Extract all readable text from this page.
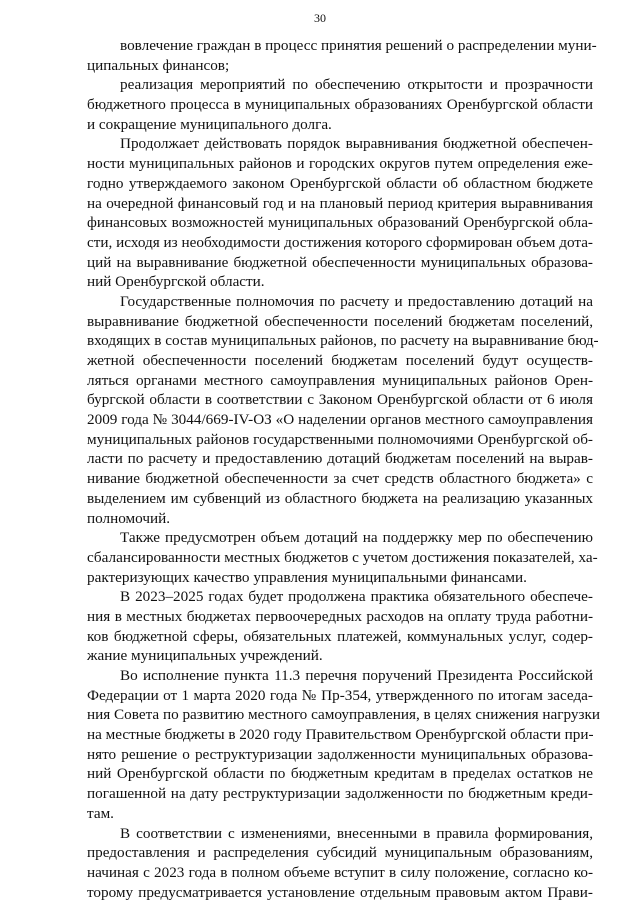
30
вовлечение граждан в процесс принятия решений о распределении муни-
ципальных финансов;
реализация мероприятий по обеспечению открытости и прозрачности
бюджетного процесса в муниципальных образованиях Оренбургской области
и сокращение муниципального долга.
Продолжает действовать порядок выравнивания бюджетной обеспечен-
ности муниципальных районов и городских округов путем определения еже-
годно утверждаемого законом Оренбургской области об областном бюджете
на очередной финансовый год и на плановый период критерия выравнивания
финансовых возможностей муниципальных образований Оренбургской обла-
сти, исходя из необходимости достижения которого сформирован объем дота-
ций на выравнивание бюджетной обеспеченности муниципальных образова-
ний Оренбургской области.
Государственные полномочия по расчету и предоставлению дотаций на
выравнивание бюджетной обеспеченности поселений бюджетам поселений,
входящих в состав муниципальных районов, по расчету на выравнивание бюд-
жетной обеспеченности поселений бюджетам поселений будут осуществ-
ляться органами местного самоуправления муниципальных районов Орен-
бургской области в соответствии с Законом Оренбургской области от 6 июля
2009 года № 3044/669-IV-ОЗ «О наделении органов местного самоуправления
муниципальных районов государственными полномочиями Оренбургской об-
ласти по расчету и предоставлению дотаций бюджетам поселений на вырав-
нивание бюджетной обеспеченности за счет средств областного бюджета» с
выделением им субвенций из областного бюджета на реализацию указанных
полномочий.
Также предусмотрен объем дотаций на поддержку мер по обеспечению
сбалансированности местных бюджетов с учетом достижения показателей, ха-
рактеризующих качество управления муниципальными финансами.
В 2023–2025 годах будет продолжена практика обязательного обеспече-
ния в местных бюджетах первоочередных расходов на оплату труда работни-
ков бюджетной сферы, обязательных платежей, коммунальных услуг, содер-
жание муниципальных учреждений.
Во исполнение пункта 11.3 перечня поручений Президента Российской
Федерации от 1 марта 2020 года № Пр-354, утвержденного по итогам заседа-
ния Совета по развитию местного самоуправления, в целях снижения нагрузки
на местные бюджеты в 2020 году Правительством Оренбургской области при-
нято решение о реструктуризации задолженности муниципальных образова-
ний Оренбургской области по бюджетным кредитам в пределах остатков не
погашенной на дату реструктуризации задолженности по бюджетным креди-
там.
В соответствии с изменениями, внесенными в правила формирования,
предоставления и распределения субсидий муниципальным образованиям,
начиная с 2023 года в полном объеме вступит в силу положение, согласно ко-
торому предусматривается установление отдельным правовым актом Прави-
